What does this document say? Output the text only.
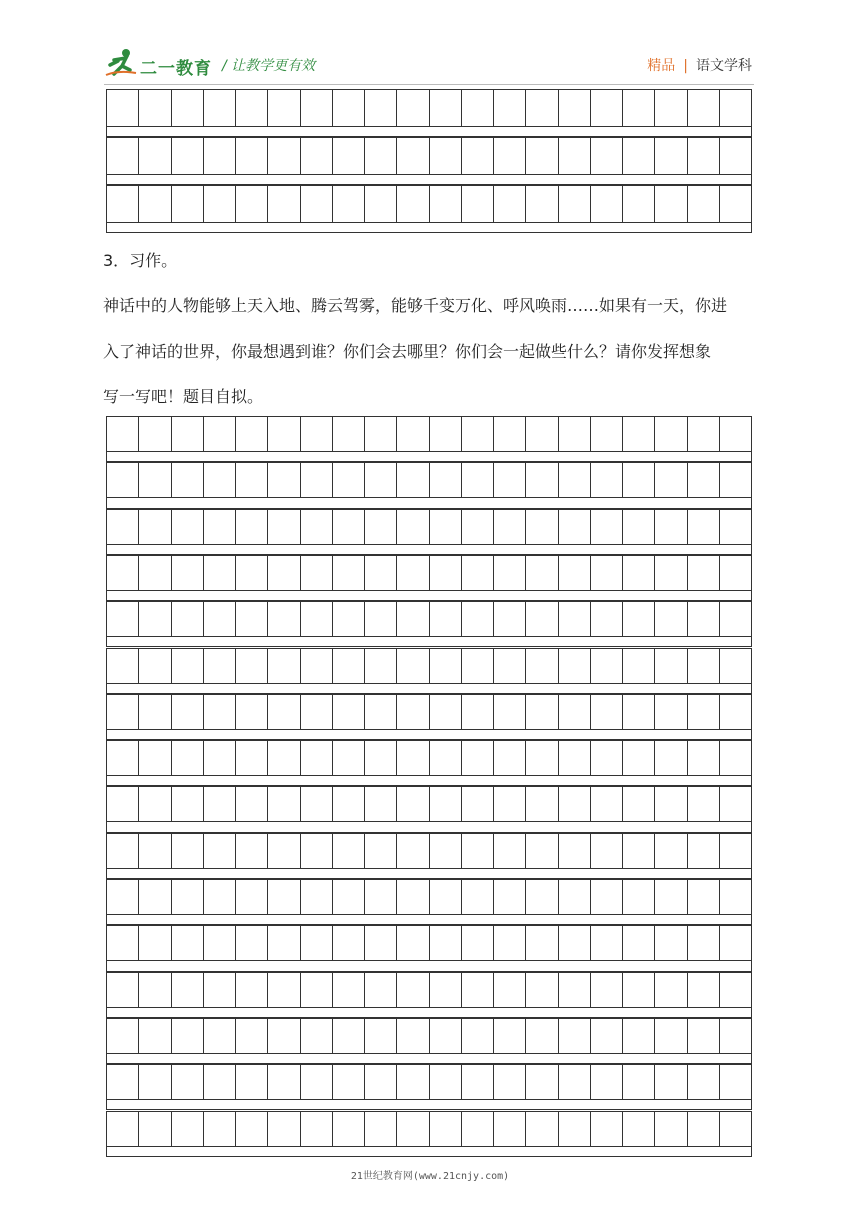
二一教育 / 让教学更有效	精品 | 语文学科
3．习作。
神话中的人物能够上天入地、腾云驾雾，能够千变万化、呼风唤雨……如果有一天，你进
入了神话的世界，你最想遇到谁？你们会去哪里？你们会一起做些什么？请你发挥想象
写一写吧！题目自拟。
21世纪教育网(www.21cnjy.com)
